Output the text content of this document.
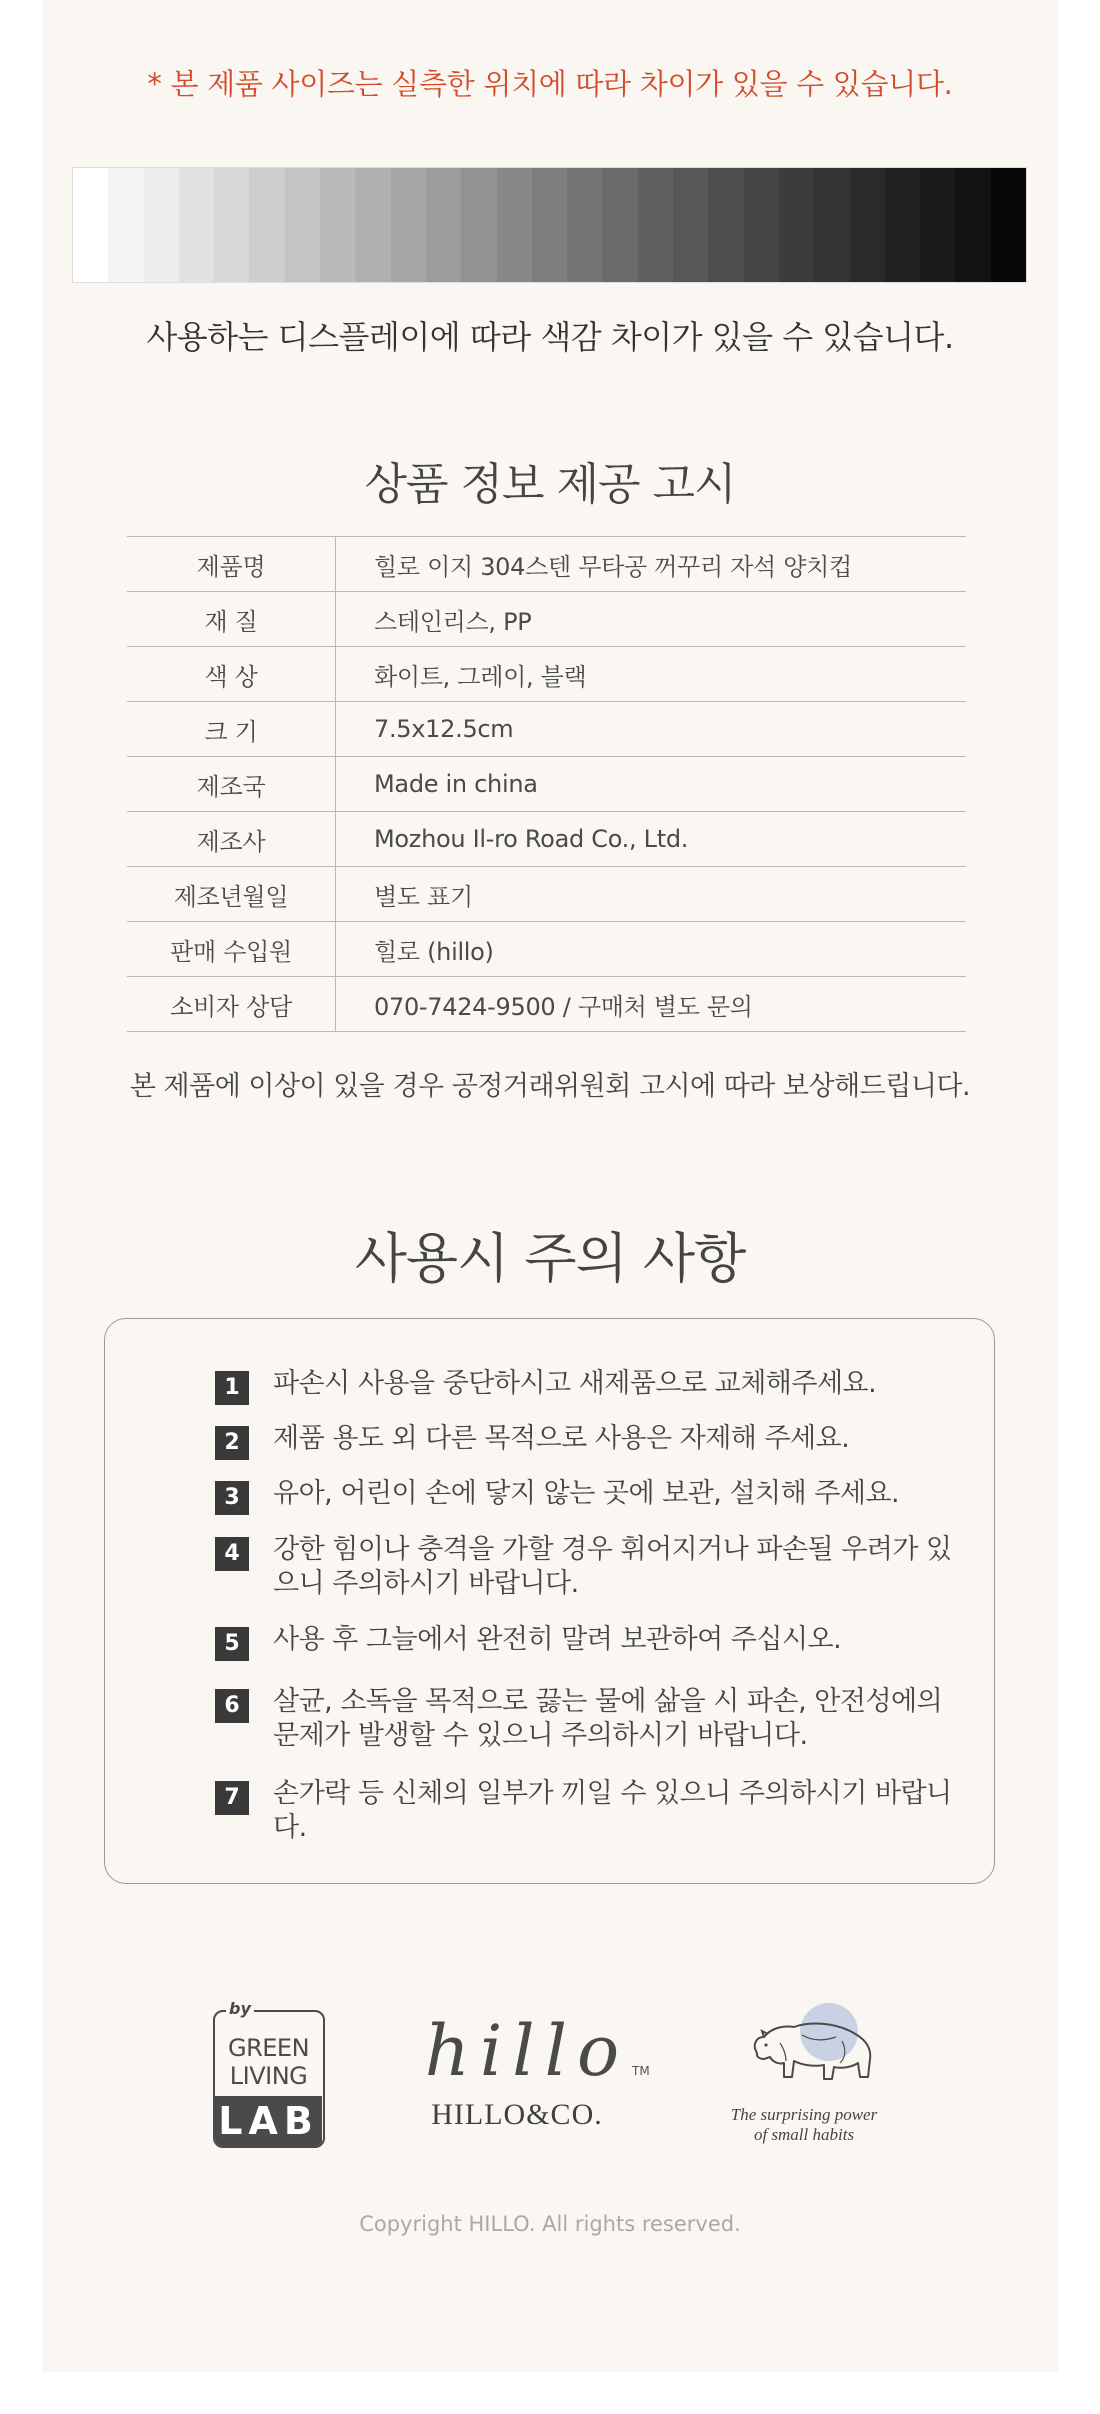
* 본 제품 사이즈는 실측한 위치에 따라 차이가 있을 수 있습니다.
사용하는 디스플레이에 따라 색감 차이가 있을 수 있습니다.
상품 정보 제공 고시
제품명	힐로 이지 304스텐 무타공 꺼꾸리 자석 양치컵
재 질	스테인리스, PP
색 상	화이트, 그레이, 블랙
크 기	7.5x12.5cm
제조국	Made in china
제조사	Mozhou Il-ro Road Co., Ltd.
제조년월일	별도 표기
판매 수입원	힐로 (hillo)
소비자 상담	070-7424-9500 / 구매처 별도 문의
본 제품에 이상이 있을 경우 공정거래위원회 고시에 따라 보상해드립니다.
사용시 주의 사항
1	파손시 사용을 중단하시고 새제품으로 교체해주세요.
2	제품 용도 외 다른 목적으로 사용은 자제해 주세요.
3	유아, 어린이 손에 닿지 않는 곳에 보관, 설치해 주세요.
4	강한 힘이나 충격을 가할 경우 휘어지거나 파손될 우려가 있으니 주의하시기 바랍니다.
5	사용 후 그늘에서 완전히 말려 보관하여 주십시오.
6	살균, 소독을 목적으로 끓는 물에 삶을 시 파손, 안전성에의 문제가 발생할 수 있으니 주의하시기 바랍니다.
7	손가락 등 신체의 일부가 끼일 수 있으니 주의하시기 바랍니다.
GREEN
LIVING
LAB
by
hillo TM
HILLO&CO.	The surprising power
of small habits
Copyright HILLO. All rights reserved.
